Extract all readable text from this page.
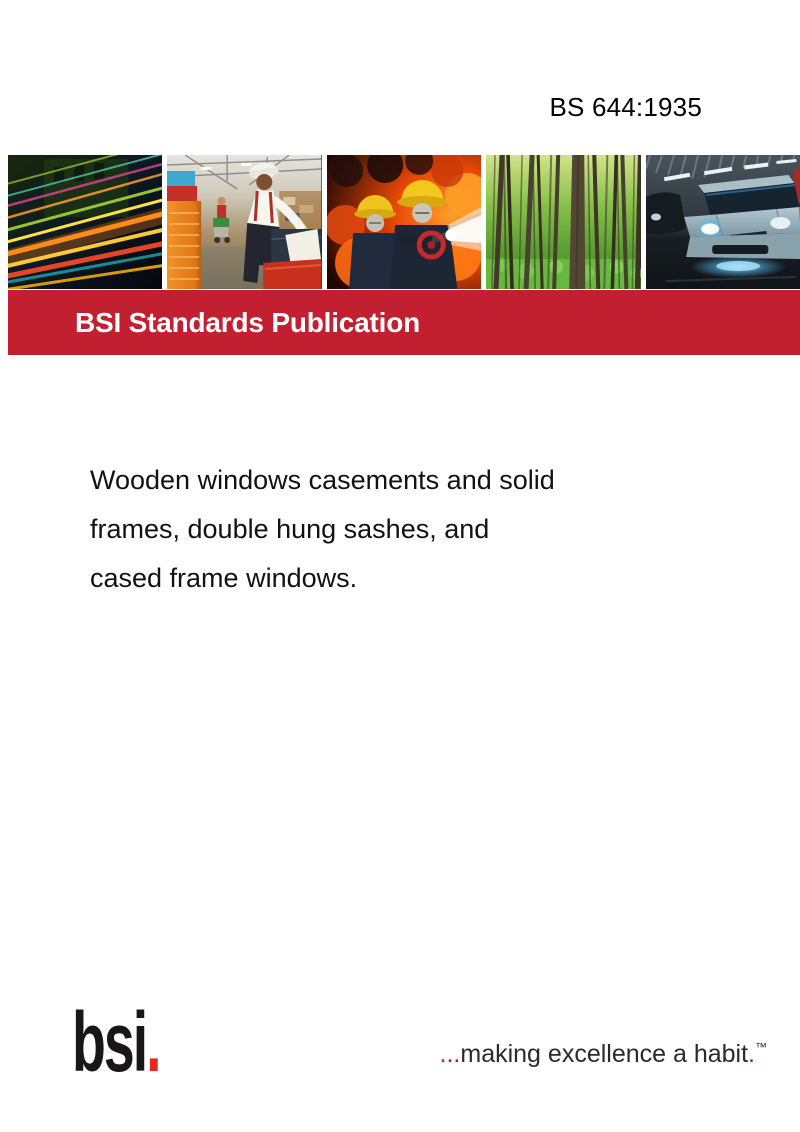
BS 644:1935
BSI Standards Publication
Wooden windows casements and solid
frames, double hung sashes, and
cased frame windows.
bsi.	...making excellence a habit.™
